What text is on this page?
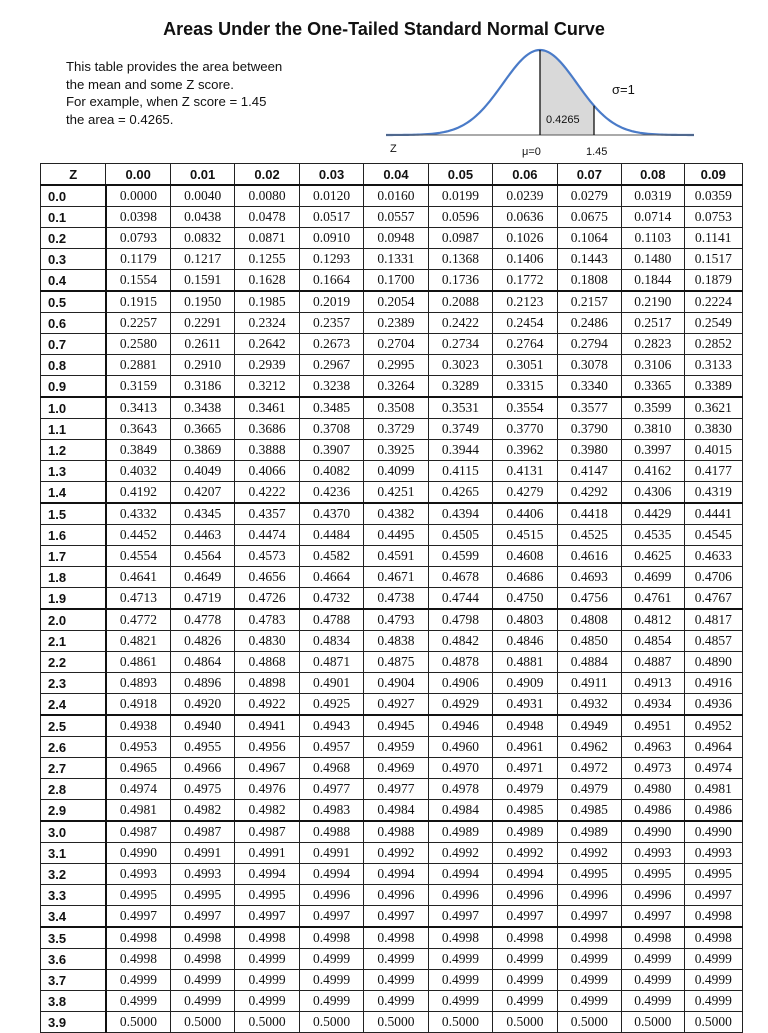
Areas Under the One-Tailed Standard Normal Curve
This table provides the area between
the mean and some Z score.
For example, when Z score = 1.45
the area = 0.4265.
σ=1
0.4265
Z	μ=0	1.45
Z	0.00	0.01	0.02	0.03	0.04	0.05	0.06	0.07	0.08	0.09
0.0	0.0000	0.0040	0.0080	0.0120	0.0160	0.0199	0.0239	0.0279	0.0319	0.0359
0.1	0.0398	0.0438	0.0478	0.0517	0.0557	0.0596	0.0636	0.0675	0.0714	0.0753
0.2	0.0793	0.0832	0.0871	0.0910	0.0948	0.0987	0.1026	0.1064	0.1103	0.1141
0.3	0.1179	0.1217	0.1255	0.1293	0.1331	0.1368	0.1406	0.1443	0.1480	0.1517
0.4	0.1554	0.1591	0.1628	0.1664	0.1700	0.1736	0.1772	0.1808	0.1844	0.1879
0.5	0.1915	0.1950	0.1985	0.2019	0.2054	0.2088	0.2123	0.2157	0.2190	0.2224
0.6	0.2257	0.2291	0.2324	0.2357	0.2389	0.2422	0.2454	0.2486	0.2517	0.2549
0.7	0.2580	0.2611	0.2642	0.2673	0.2704	0.2734	0.2764	0.2794	0.2823	0.2852
0.8	0.2881	0.2910	0.2939	0.2967	0.2995	0.3023	0.3051	0.3078	0.3106	0.3133
0.9	0.3159	0.3186	0.3212	0.3238	0.3264	0.3289	0.3315	0.3340	0.3365	0.3389
1.0	0.3413	0.3438	0.3461	0.3485	0.3508	0.3531	0.3554	0.3577	0.3599	0.3621
1.1	0.3643	0.3665	0.3686	0.3708	0.3729	0.3749	0.3770	0.3790	0.3810	0.3830
1.2	0.3849	0.3869	0.3888	0.3907	0.3925	0.3944	0.3962	0.3980	0.3997	0.4015
1.3	0.4032	0.4049	0.4066	0.4082	0.4099	0.4115	0.4131	0.4147	0.4162	0.4177
1.4	0.4192	0.4207	0.4222	0.4236	0.4251	0.4265	0.4279	0.4292	0.4306	0.4319
1.5	0.4332	0.4345	0.4357	0.4370	0.4382	0.4394	0.4406	0.4418	0.4429	0.4441
1.6	0.4452	0.4463	0.4474	0.4484	0.4495	0.4505	0.4515	0.4525	0.4535	0.4545
1.7	0.4554	0.4564	0.4573	0.4582	0.4591	0.4599	0.4608	0.4616	0.4625	0.4633
1.8	0.4641	0.4649	0.4656	0.4664	0.4671	0.4678	0.4686	0.4693	0.4699	0.4706
1.9	0.4713	0.4719	0.4726	0.4732	0.4738	0.4744	0.4750	0.4756	0.4761	0.4767
2.0	0.4772	0.4778	0.4783	0.4788	0.4793	0.4798	0.4803	0.4808	0.4812	0.4817
2.1	0.4821	0.4826	0.4830	0.4834	0.4838	0.4842	0.4846	0.4850	0.4854	0.4857
2.2	0.4861	0.4864	0.4868	0.4871	0.4875	0.4878	0.4881	0.4884	0.4887	0.4890
2.3	0.4893	0.4896	0.4898	0.4901	0.4904	0.4906	0.4909	0.4911	0.4913	0.4916
2.4	0.4918	0.4920	0.4922	0.4925	0.4927	0.4929	0.4931	0.4932	0.4934	0.4936
2.5	0.4938	0.4940	0.4941	0.4943	0.4945	0.4946	0.4948	0.4949	0.4951	0.4952
2.6	0.4953	0.4955	0.4956	0.4957	0.4959	0.4960	0.4961	0.4962	0.4963	0.4964
2.7	0.4965	0.4966	0.4967	0.4968	0.4969	0.4970	0.4971	0.4972	0.4973	0.4974
2.8	0.4974	0.4975	0.4976	0.4977	0.4977	0.4978	0.4979	0.4979	0.4980	0.4981
2.9	0.4981	0.4982	0.4982	0.4983	0.4984	0.4984	0.4985	0.4985	0.4986	0.4986
3.0	0.4987	0.4987	0.4987	0.4988	0.4988	0.4989	0.4989	0.4989	0.4990	0.4990
3.1	0.4990	0.4991	0.4991	0.4991	0.4992	0.4992	0.4992	0.4992	0.4993	0.4993
3.2	0.4993	0.4993	0.4994	0.4994	0.4994	0.4994	0.4994	0.4995	0.4995	0.4995
3.3	0.4995	0.4995	0.4995	0.4996	0.4996	0.4996	0.4996	0.4996	0.4996	0.4997
3.4	0.4997	0.4997	0.4997	0.4997	0.4997	0.4997	0.4997	0.4997	0.4997	0.4998
3.5	0.4998	0.4998	0.4998	0.4998	0.4998	0.4998	0.4998	0.4998	0.4998	0.4998
3.6	0.4998	0.4998	0.4999	0.4999	0.4999	0.4999	0.4999	0.4999	0.4999	0.4999
3.7	0.4999	0.4999	0.4999	0.4999	0.4999	0.4999	0.4999	0.4999	0.4999	0.4999
3.8	0.4999	0.4999	0.4999	0.4999	0.4999	0.4999	0.4999	0.4999	0.4999	0.4999
3.9	0.5000	0.5000	0.5000	0.5000	0.5000	0.5000	0.5000	0.5000	0.5000	0.5000
